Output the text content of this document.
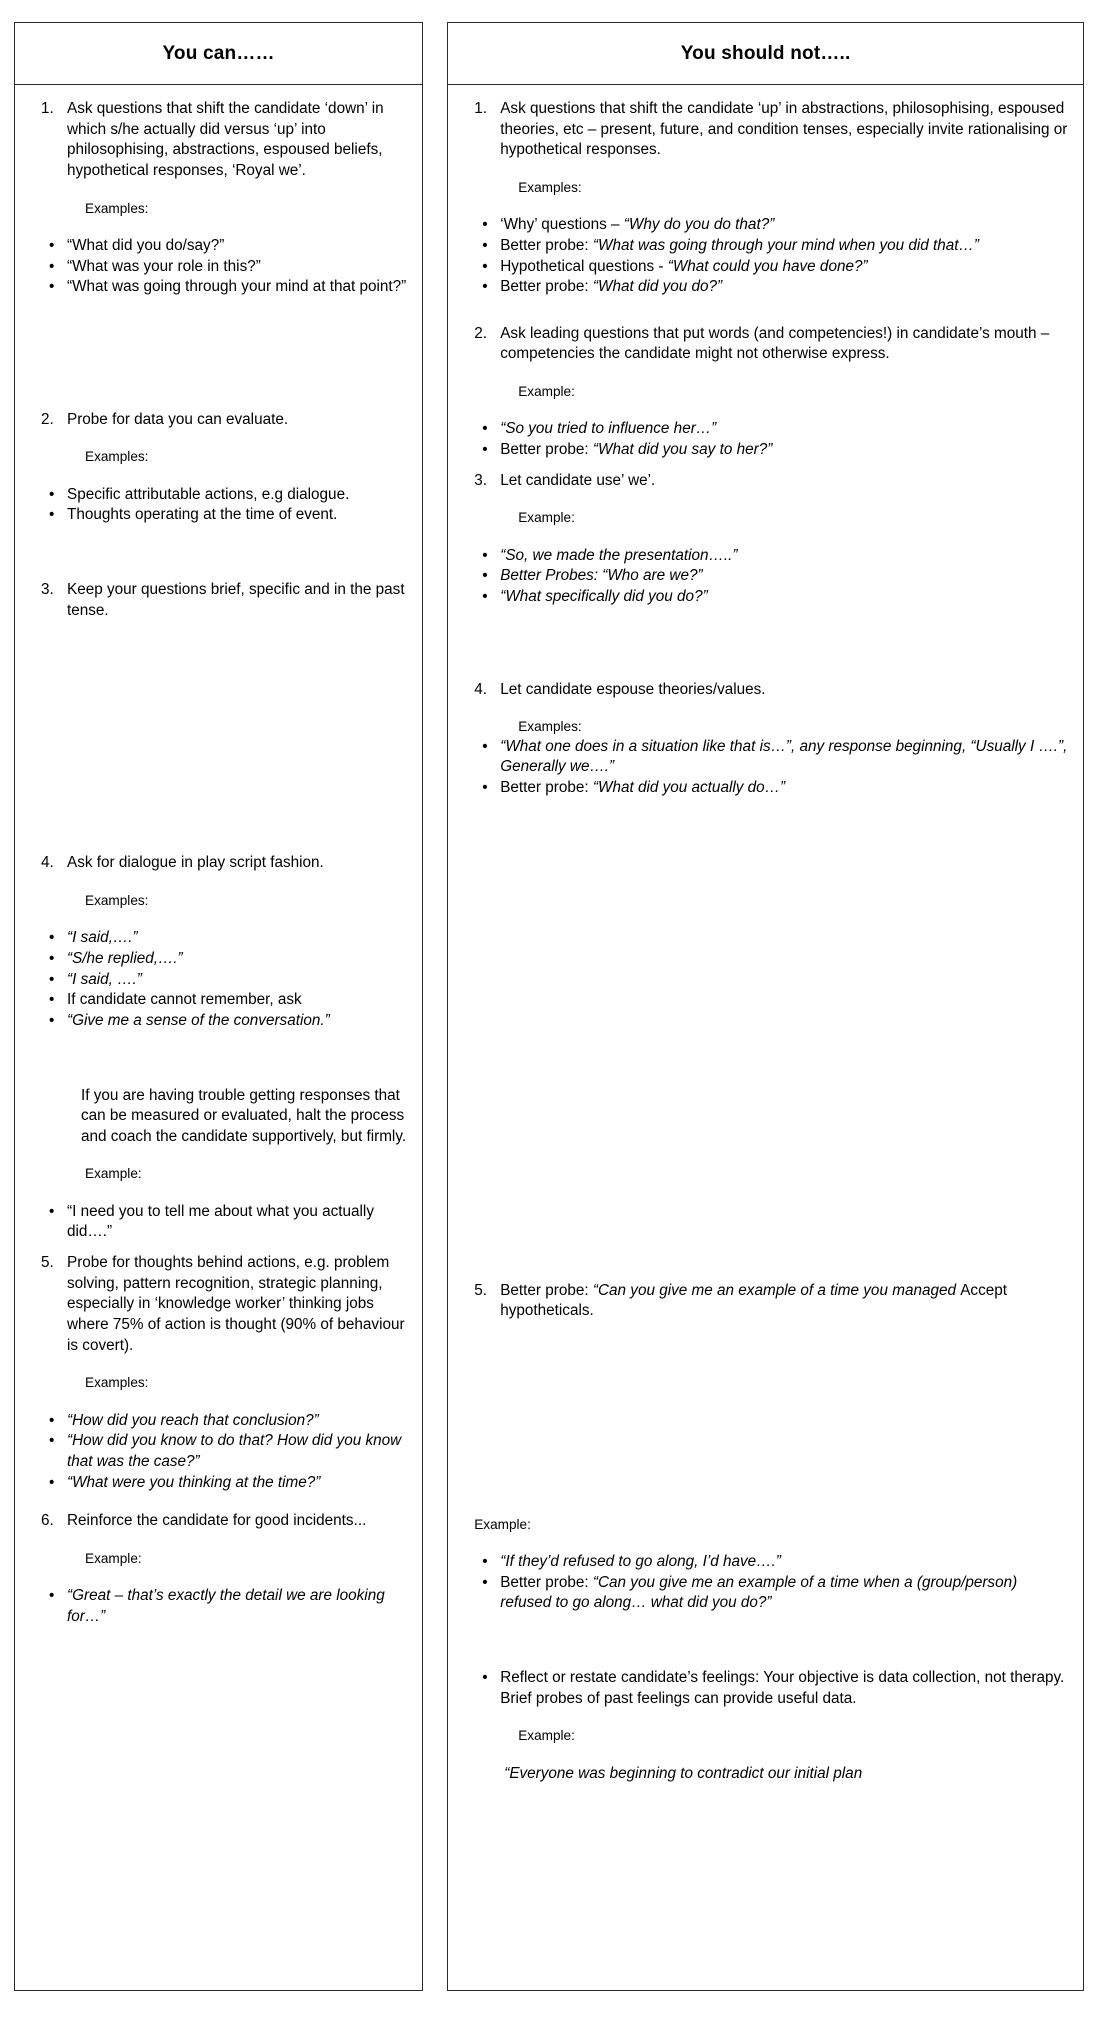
You can……
1. Ask questions that shift the candidate ‘down’ in which s/he actually did versus ‘up’ into philosophising, abstractions, espoused beliefs, hypothetical responses, ‘Royal we’.
Examples:
•
“What did you do/say?”
•
“What was your role in this?”
•
“What was going through your mind at that point?”
2. Probe for data you can evaluate.
Examples:
•
Specific attributable actions, e.g dialogue.
•
Thoughts operating at the time of event.
3. Keep your questions brief, specific and in the past tense.
4. Ask for dialogue in play script fashion.
Examples:
•
“I said,….”
•
“S/he replied,….”
•
“I said, ….”
•
If candidate cannot remember, ask
•
“Give me a sense of the conversation.”
If you are having trouble getting responses that can be measured or evaluated, halt the process and coach the candidate supportively, but firmly.
Example:
•
“I need you to tell me about what you actually did….”
5. Probe for thoughts behind actions, e.g. problem solving, pattern recognition, strategic planning, especially in ‘knowledge worker’ thinking jobs where 75% of action is thought (90% of behaviour is covert).
Examples:
•
“How did you reach that conclusion?”
•
“How did you know to do that? How did you know that was the case?”
•
“What were you thinking at the time?”
6. Reinforce the candidate for good incidents...
Example:
•
“Great – that’s exactly the detail we are looking for…”
You should not…..
1. Ask questions that shift the candidate ‘up’ in abstractions, philosophising, espoused theories, etc – present, future, and condition tenses, especially invite rationalising or hypothetical responses.
Examples:
•
‘Why’ questions – “Why do you do that?”
•
Better probe: “What was going through your mind when you did that…”
•
Hypothetical questions - “What could you have done?”
•
Better probe: “What did you do?”
2. Ask leading questions that put words (and competencies!) in candidate’s mouth – competencies the candidate might not otherwise express.
Example:
•
“So you tried to influence her…”
•
Better probe: “What did you say to her?”
3. Let candidate use’ we’.
Example:
•
“So, we made the presentation…..”
•
Better Probes: “Who are we?”
•
“What specifically did you do?”
4. Let candidate espouse theories/values.
Examples:
•
“What one does in a situation like that is…”, any response beginning, “Usually I ….”, Generally we….”
•
Better probe: “What did you actually do…”
5. Better probe: “Can you give me an example of a time you managed Accept hypotheticals.
Example:
•
“If they’d refused to go along, I’d have….”
•
Better probe: “Can you give me an example of a time when a (group/person) refused to go along… what did you do?”
•
Reflect or restate candidate’s feelings: Your objective is data collection, not therapy. Brief probes of past feelings can provide useful data.
Example:
“Everyone was beginning to contradict our initial plan
